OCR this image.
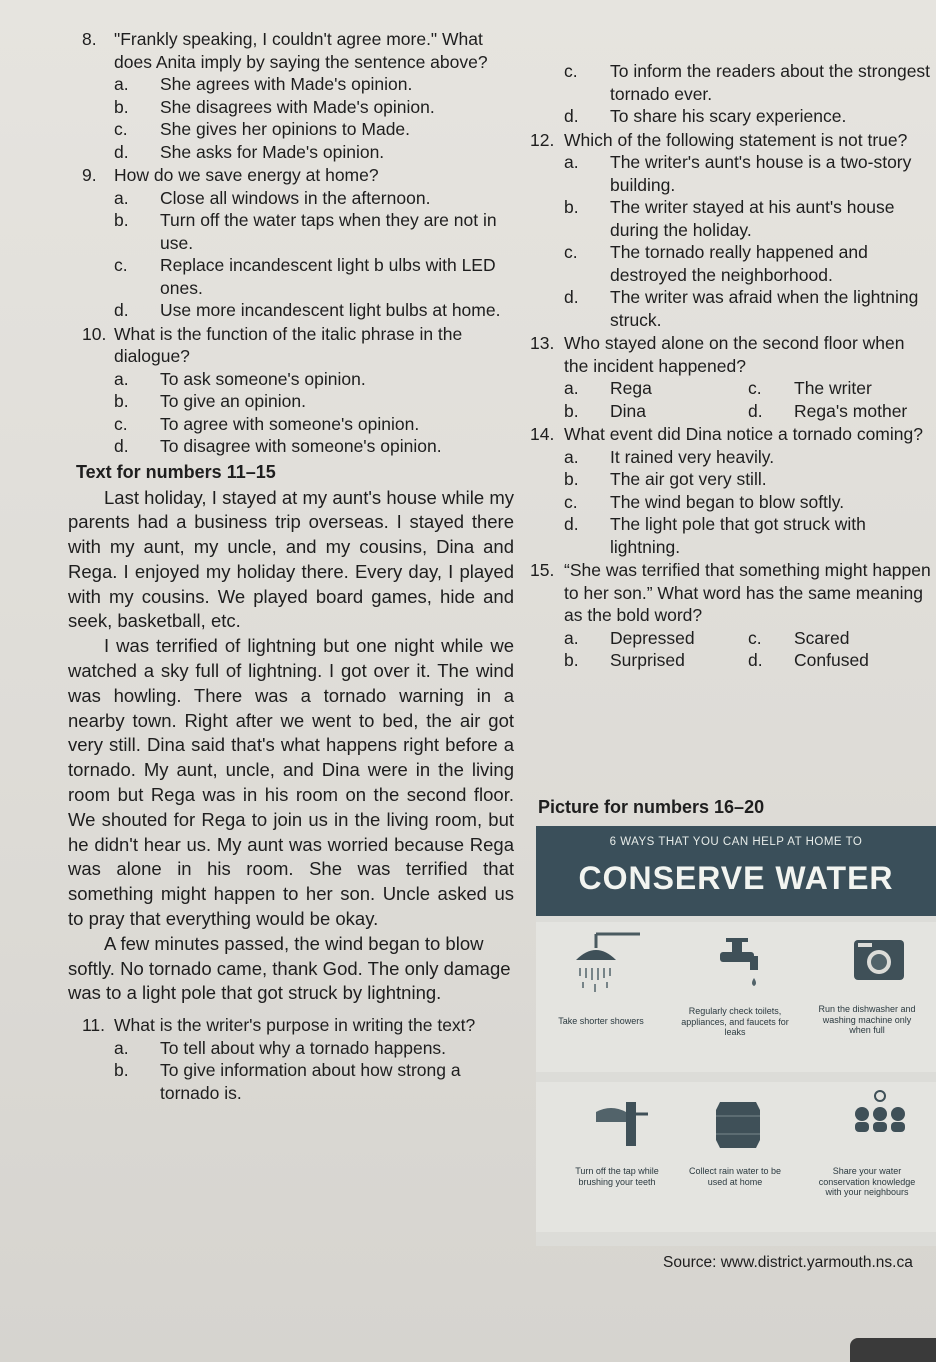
8. "Frankly speaking, I couldn't agree more." What does Anita imply by saying the sentence above?
a. She agrees with Made's opinion.
b. She disagrees with Made's opinion.
c. She gives her opinions to Made.
d. She asks for Made's opinion.
9. How do we save energy at home?
a. Close all windows in the afternoon.
b. Turn off the water taps when they are not in use.
c. Replace incandescent light b ulbs with LED ones.
d. Use more incandescent light bulbs at home.
10. What is the function of the italic phrase in the dialogue?
a. To ask someone's opinion.
b. To give an opinion.
c. To agree with someone's opinion.
d. To disagree with someone's opinion.
Text for numbers 11–15

Last holiday, I stayed at my aunt's house while my parents had a business trip overseas. I stayed there with my aunt, my uncle, and my cousins, Dina and Rega. I enjoyed my holiday there. Every day, I played with my cousins. We played board games, hide and seek, basketball, etc.

I was terrified of lightning but one night while we watched a sky full of lightning. I got over it. The wind was howling. There was a tornado warning in a nearby town. Right after we went to bed, the air got very still. Dina said that's what happens right before a tornado. My aunt, uncle, and Dina were in the living room but Rega was in his room on the second floor. We shouted for Rega to join us in the living room, but he didn't hear us. My aunt was worried because Rega was alone in his room. She was terrified that something might happen to her son. Uncle asked us to pray that everything would be okay.

A few minutes passed, the wind began to blow softly. No tornado came, thank God. The only damage was to a light pole that got struck by lightning.

11. What is the writer's purpose in writing the text?
a. To tell about why a tornado happens.
b. To give information about how strong a tornado is.
c. To inform the readers about the strongest tornado ever.
d. To share his scary experience.
12. Which of the following statement is not true?
a. The writer's aunt's house is a two-story building.
b. The writer stayed at his aunt's house during the holiday.
c. The tornado really happened and destroyed the neighborhood.
d. The writer was afraid when the lightning struck.
13. Who stayed alone on the second floor when the incident happened?
a. Rega	c. The writer
b. Dina	d. Rega's mother
14. What event did Dina notice a tornado coming?
a. It rained very heavily.
b. The air got very still.
c. The wind began to blow softly.
d. The light pole that got struck with lightning.
15. “She was terrified that something might happen to her son.” What word has the same meaning as the bold word?
a. Depressed	c. Scared
b. Surprised	d. Confused
Picture for numbers 16–20
6 WAYS THAT YOU CAN HELP AT HOME TO
CONSERVE WATER
Take shorter showers
Regularly check toilets, appliances, and faucets for leaks
Run the dishwasher and washing machine only when full
Turn off the tap while brushing your teeth
Collect rain water to be used at home
Share your water conservation knowledge with your neighbours
Source: www.district.yarmouth.ns.ca
